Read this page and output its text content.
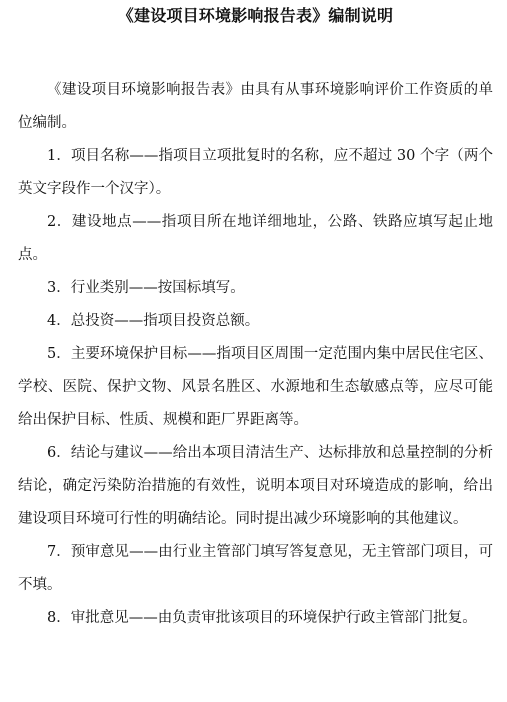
《建设项目环境影响报告表》编制说明

《建设项目环境影响报告表》由具有从事环境影响评价工作资质的单位编制。

1．项目名称——指项目立项批复时的名称，应不超过 30 个字（两个英文字段作一个汉字）。

2．建设地点——指项目所在地详细地址，公路、铁路应填写起止地点。

3．行业类别——按国标填写。

4．总投资——指项目投资总额。

5．主要环境保护目标——指项目区周围一定范围内集中居民住宅区、学校、医院、保护文物、风景名胜区、水源地和生态敏感点等，应尽可能给出保护目标、性质、规模和距厂界距离等。

6．结论与建议——给出本项目清洁生产、达标排放和总量控制的分析结论，确定污染防治措施的有效性，说明本项目对环境造成的影响，给出建设项目环境可行性的明确结论。同时提出减少环境影响的其他建议。

7．预审意见——由行业主管部门填写答复意见，无主管部门项目，可不填。

8．审批意见——由负责审批该项目的环境保护行政主管部门批复。
